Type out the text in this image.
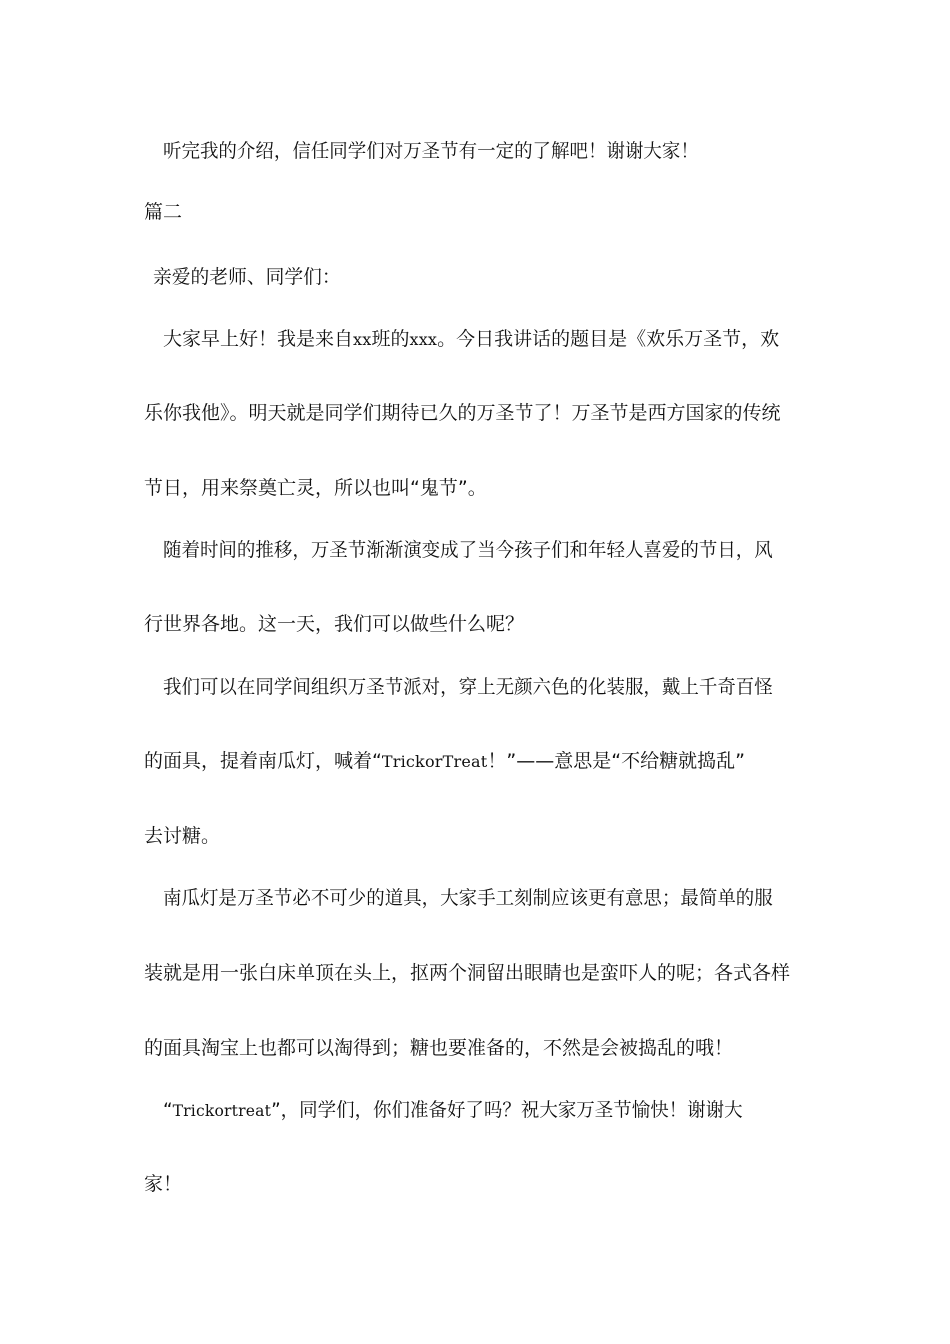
听完我的介绍，信任同学们对万圣节有一定的了解吧！谢谢大家！
篇二
亲爱的老师、同学们：
大家早上好！我是来自xx班的xxx。今日我讲话的题目是《欢乐万圣节，欢
乐你我他》。明天就是同学们期待已久的万圣节了！万圣节是西方国家的传统
节日，用来祭奠亡灵，所以也叫“鬼节”。
随着时间的推移，万圣节渐渐演变成了当今孩子们和年轻人喜爱的节日，风
行世界各地。这一天，我们可以做些什么呢？
我们可以在同学间组织万圣节派对，穿上无颜六色的化装服，戴上千奇百怪
的面具，提着南瓜灯，喊着“TrickorTreat！”——意思是“不给糖就捣乱”
去讨糖。
南瓜灯是万圣节必不可少的道具，大家手工刻制应该更有意思；最简单的服
装就是用一张白床单顶在头上，抠两个洞留出眼睛也是蛮吓人的呢；各式各样
的面具淘宝上也都可以淘得到；糖也要准备的，不然是会被捣乱的哦！
“Trickortreat”，同学们，你们准备好了吗？祝大家万圣节愉快！谢谢大
家！
